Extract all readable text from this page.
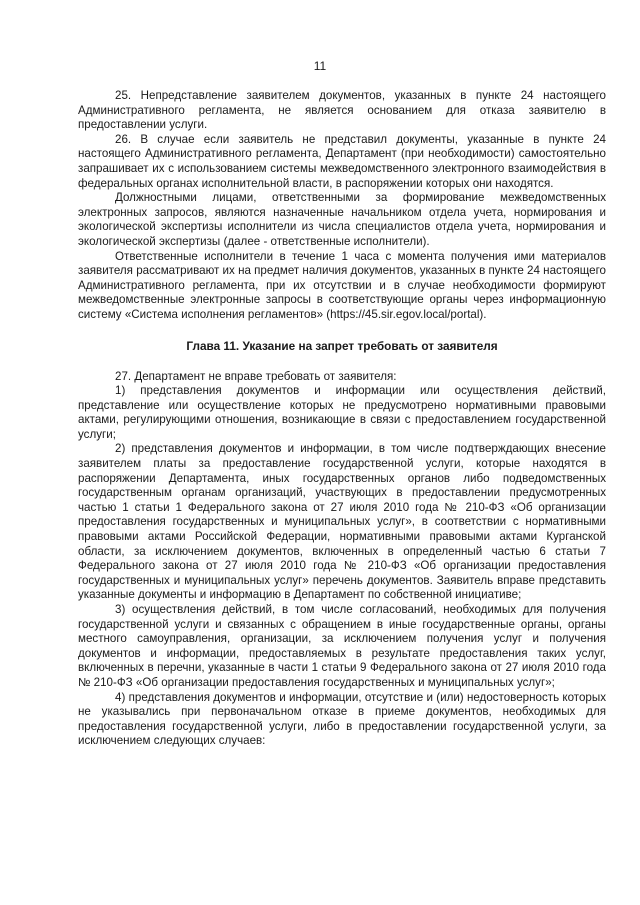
11

25. Непредставление заявителем документов, указанных в пункте 24 настоящего Административного регламента, не является основанием для отказа заявителю в предоставлении услуги.

26. В случае если заявитель не представил документы, указанные в пункте 24 настоящего Административного регламента, Департамент (при необходимости) самостоятельно запрашивает их с использованием системы межведомственного электронного взаимодействия в федеральных органах исполнительной власти, в распоряжении которых они находятся.

Должностными лицами, ответственными за формирование межведомственных электронных запросов, являются назначенные начальником отдела учета, нормирования и экологической экспертизы исполнители из числа специалистов отдела учета, нормирования и экологической экспертизы (далее - ответственные исполнители).

Ответственные исполнители в течение 1 часа с момента получения ими материалов заявителя рассматривают их на предмет наличия документов, указанных в пункте 24 настоящего Административного регламента, при их отсутствии и в случае необходимости формируют межведомственные электронные запросы в соответствующие органы через информационную систему «Система исполнения регламентов» (https://45.sir.egov.local/portal).

Глава 11. Указание на запрет требовать от заявителя

27. Департамент не вправе требовать от заявителя:

1) представления документов и информации или осуществления действий, представление или осуществление которых не предусмотрено нормативными правовыми актами, регулирующими отношения, возникающие в связи с предоставлением государственной услуги;

2) представления документов и информации, в том числе подтверждающих внесение заявителем платы за предоставление государственной услуги, которые находятся в распоряжении Департамента, иных государственных органов либо подведомственных государственным органам организаций, участвующих в предоставлении предусмотренных частью 1 статьи 1 Федерального закона от 27 июля 2010 года № 210-ФЗ «Об организации предоставления государственных и муниципальных услуг», в соответствии с нормативными правовыми актами Российской Федерации, нормативными правовыми актами Курганской области, за исключением документов, включенных в определенный частью 6 статьи 7 Федерального закона от 27 июля 2010 года № 210-ФЗ «Об организации предоставления государственных и муниципальных услуг» перечень документов. Заявитель вправе представить указанные документы и информацию в Департамент по собственной инициативе;

3) осуществления действий, в том числе согласований, необходимых для получения государственной услуги и связанных с обращением в иные государственные органы, органы местного самоуправления, организации, за исключением получения услуг и получения документов и информации, предоставляемых в результате предоставления таких услуг, включенных в перечни, указанные в части 1 статьи 9 Федерального закона от 27 июля 2010 года № 210-ФЗ «Об организации предоставления государственных и муниципальных услуг»;

4) представления документов и информации, отсутствие и (или) недостоверность которых не указывались при первоначальном отказе в приеме документов, необходимых для предоставления государственной услуги, либо в предоставлении государственной услуги, за исключением следующих случаев:
